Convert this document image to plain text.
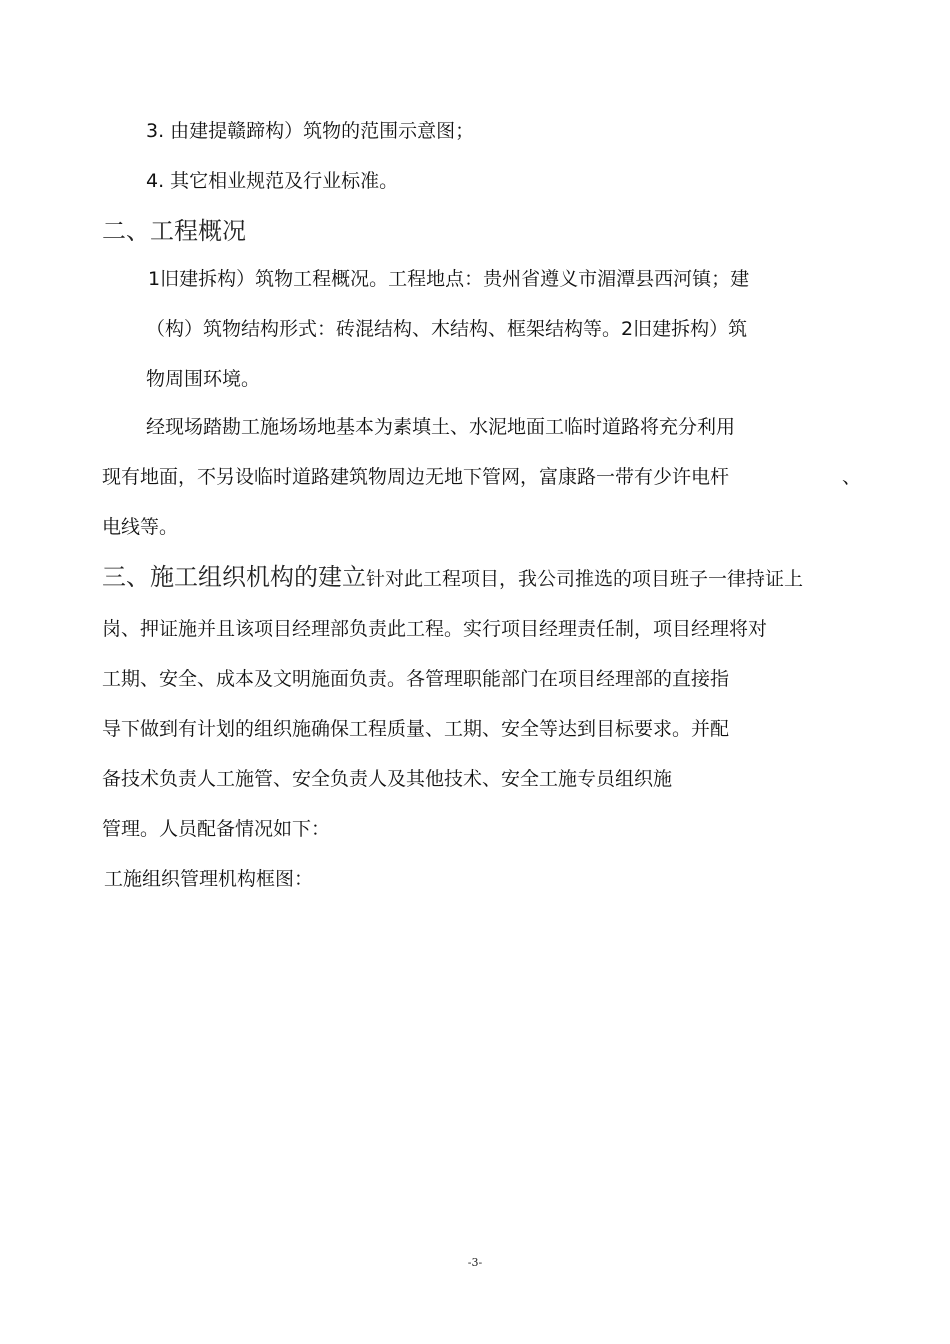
3. 由建提赣蹄构）筑物的范围示意图；
4. 其它相业规范及行业标准。
二、工程概况
1旧建拆构）筑物工程概况。工程地点：贵州省遵义市湄潭县西河镇；建
（构）筑物结构形式：砖混结构、木结构、框架结构等。2旧建拆构）筑
物周围环境。
经现场踏勘工施场场地基本为素填土、水泥地面工临时道路将充分利用
现有地面，不另设临时道路建筑物周边无地下管网，富康路一带有少许电杆	、
电线等。
三、施工组织机构的建立针对此工程项目，我公司推选的项目班子一律持证上
岗、押证施并且该项目经理部负责此工程。实行项目经理责任制，项目经理将对
工期、安全、成本及文明施面负责。各管理职能部门在项目经理部的直接指
导下做到有计划的组织施确保工程质量、工期、安全等达到目标要求。并配
备技术负责人工施管、安全负责人及其他技术、安全工施专员组织施
管理。人员配备情况如下：
工施组织管理机构框图：
-3-
